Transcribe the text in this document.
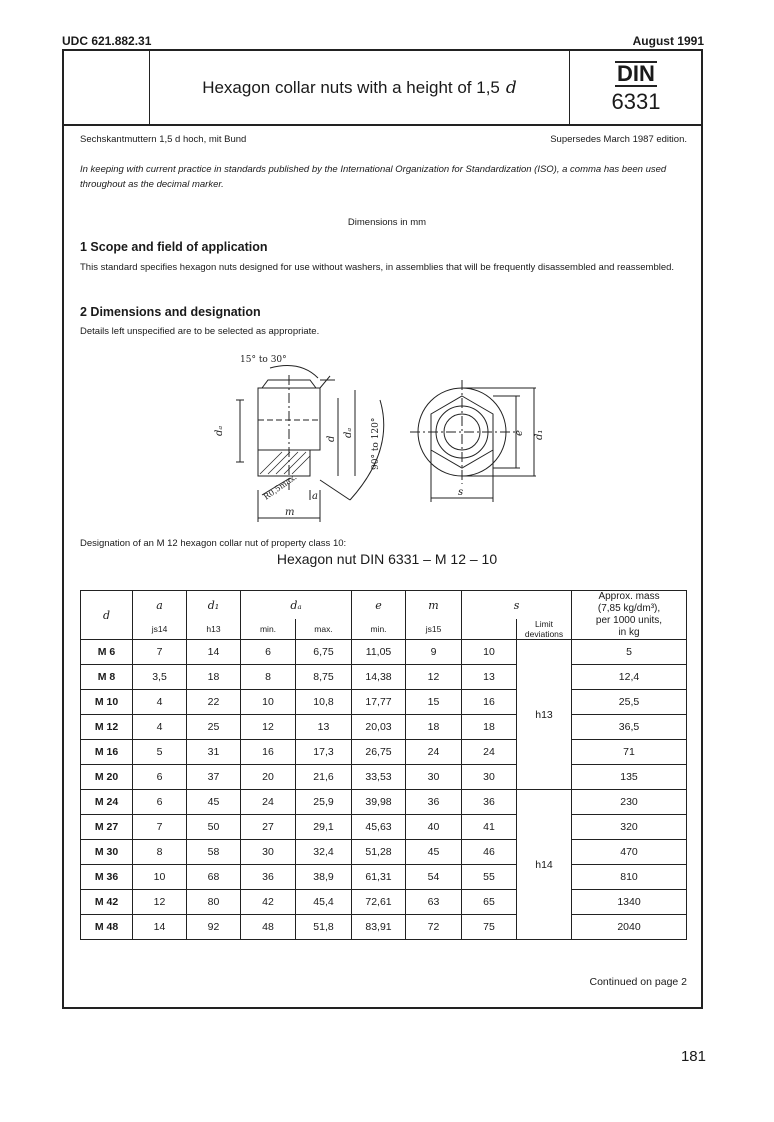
UDC 621.882.31	August 1991
Hexagon collar nuts with a height of 1,5 d
DIN
6331
Sechskantmuttern 1,5 d hoch, mit Bund	Supersedes March 1987 edition.
In keeping with current practice in standards published by the International Organization for Standardization (ISO), a comma has been used throughout as the decimal marker.
Dimensions in mm
1 Scope and field of application
This standard specifies hexagon nuts designed for use without washers, in assemblies that will be frequently disassembled and reassembled.
2 Dimensions and designation
Details left unspecified are to be selected as appropriate.
15° to 30°
dₐ
d
dₐ 90° to 120°
R0,5max. a
m
e d₁
s
Designation of an M 12 hexagon collar nut of property class 10:
Hexagon nut DIN 6331 – M 12 – 10
d	a	d₁	dₐ		e	m	s		Approx. mass
(7,85 kg/dm³),
per 1000 units,
in kg

	js14	h13	min.	max.	min.	js15		Limit
deviations	

M 6	7	14	6	6,75	11,05	9	10	h13	5
M 8	3,5	18	8	8,75	14,38	12	13		12,4
M 10	4	22	10	10,8	17,77	15	16		25,5
M 12	4	25	12	13	20,03	18	18		36,5
M 16	5	31	16	17,3	26,75	24	24		71
M 20	6	37	20	21,6	33,53	30	30		135
M 24	6	45	24	25,9	39,98	36	36	h14	230
M 27	7	50	27	29,1	45,63	40	41		320
M 30	8	58	30	32,4	51,28	45	46		470
M 36	10	68	36	38,9	61,31	54	55		810
M 42	12	80	42	45,4	72,61	63	65		1340
M 48	14	92	48	51,8	83,91	72	75		2040
Continued on page 2
181
